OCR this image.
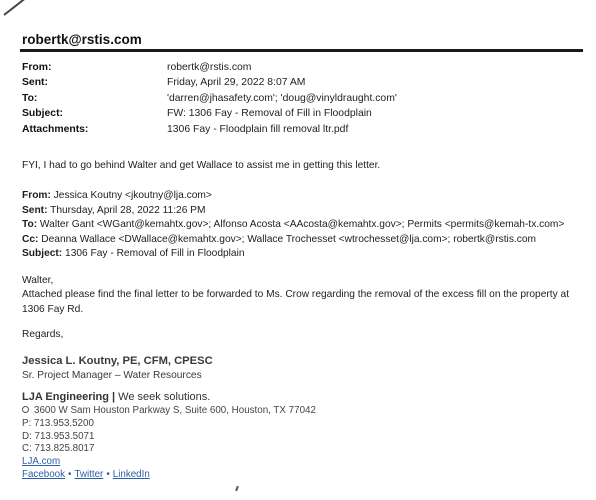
robertk@rstis.com
From:	robertk@rstis.com
Sent:	Friday, April 29, 2022 8:07 AM
To:	'darren@jhasafety.com'; 'doug@vinyldraught.com'
Subject:	FW: 1306 Fay - Removal of Fill in Floodplain
Attachments:	1306 Fay - Floodplain fill removal ltr.pdf
FYI, I had to go behind Walter and get Wallace to assist me in getting this letter.
From: Jessica Koutny <jkoutny@lja.com>
Sent: Thursday, April 28, 2022 11:26 PM
To: Walter Gant <WGant@kemahtx.gov>; Alfonso Acosta <AAcosta@kemahtx.gov>; Permits <permits@kemah-tx.com>
Cc: Deanna Wallace <DWallace@kemahtx.gov>; Wallace Trochesset <wtrochesset@lja.com>; robertk@rstis.com
Subject: 1306 Fay - Removal of Fill in Floodplain
Walter,
Attached please find the final letter to be forwarded to Ms. Crow regarding the removal of the excess fill on the property at 1306 Fay Rd.
Regards,
Jessica L. Koutny, PE, CFM, CPESC
Sr. Project Manager – Water Resources
LJA Engineering | We seek solutions.
3600 W Sam Houston Parkway S, Suite 600, Houston, TX 77042
P: 713.953.5200
D: 713.953.5071
C: 713.825.8017
LJA.com
Facebook • Twitter • LinkedIn
